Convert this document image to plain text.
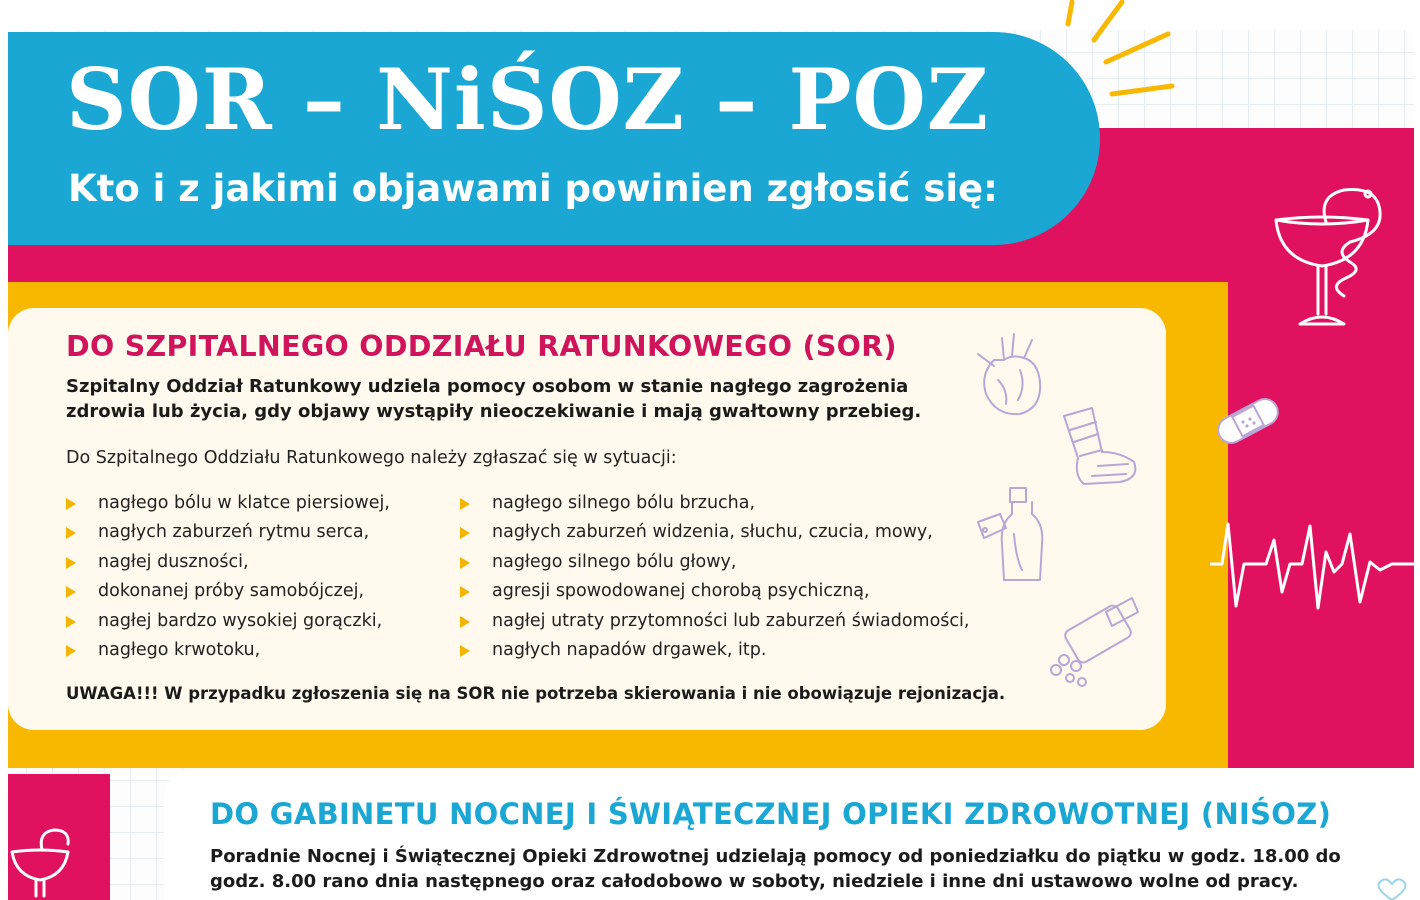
SOR – NiŚOZ – POZ
Kto i z jakimi objawami powinien zgłosić się:
DO SZPITALNEGO ODDZIAŁU RATUNKOWEGO (SOR)

Szpitalny Oddział Ratunkowy udziela pomocy osobom w stanie nagłego zagrożenia zdrowia lub życia, gdy objawy wystąpiły nieoczekiwanie i mają gwałtowny przebieg.

Do Szpitalnego Oddziału Ratunkowego należy zgłaszać się w sytuacji:

nagłego bólu w klatce piersiowej,
nagłych zaburzeń rytmu serca,
nagłej duszności,
dokonanej próby samobójczej,
nagłej bardzo wysokiej gorączki,
nagłego krwotoku,
nagłego silnego bólu brzucha,
nagłych zaburzeń widzenia, słuchu, czucia, mowy,
nagłego silnego bólu głowy,
agresji spowodowanej chorobą psychiczną,
nagłej utraty przytomności lub zaburzeń świadomości,
nagłych napadów drgawek, itp.

UWAGA!!! W przypadku zgłoszenia się na SOR nie potrzeba skierowania i nie obowiązuje rejonizacja.

DO GABINETU NOCNEJ I ŚWIĄTECZNEJ OPIEKI ZDROWOTNEJ (NIŚOZ)

Poradnie Nocnej i Świątecznej Opieki Zdrowotnej udzielają pomocy od poniedziałku do piątku w godz. 18.00 do godz. 8.00 rano dnia następnego oraz całodobowo w soboty, niedziele i inne dni ustawowo wolne od pracy.
